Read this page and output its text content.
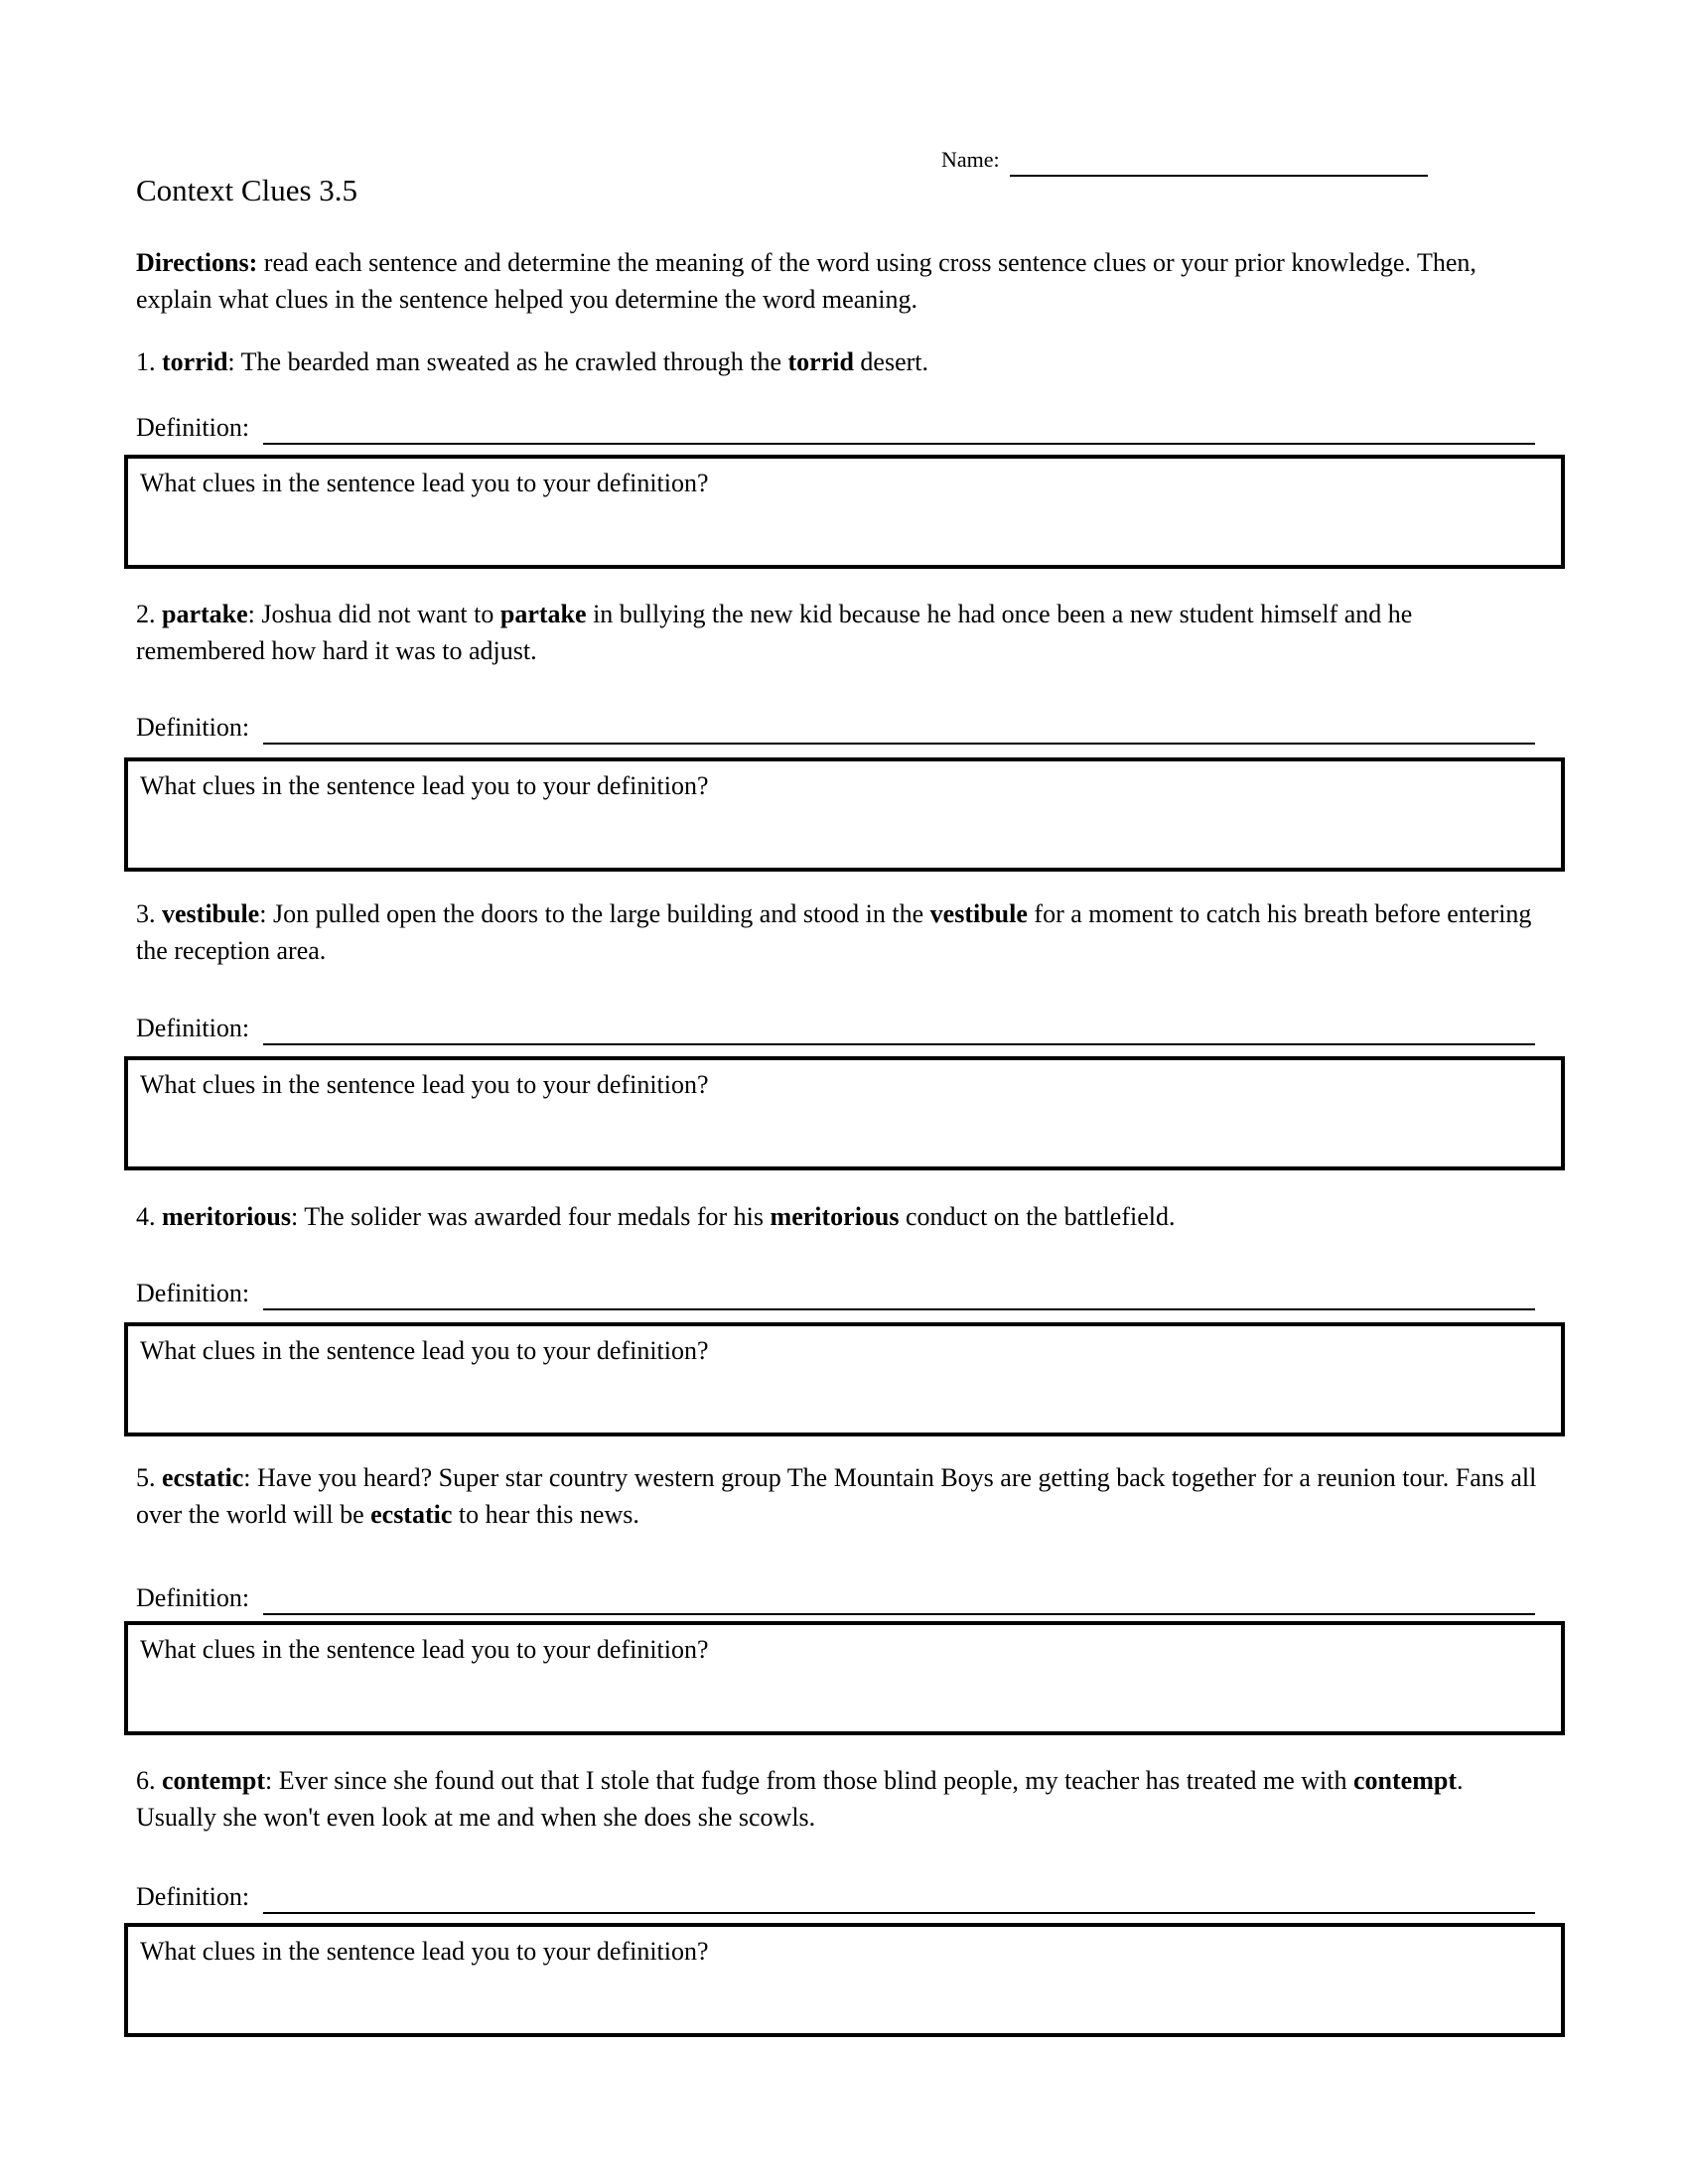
Name:
Context Clues 3.5

Directions: read each sentence and determine the meaning of the word using cross sentence clues or your prior knowledge. Then, explain what clues in the sentence helped you determine the word meaning.

1. torrid: The bearded man sweated as he crawled through the torrid desert.

Definition:
What clues in the sentence lead you to your definition?

2. partake: Joshua did not want to partake in bullying the new kid because he had once been a new student himself and he remembered how hard it was to adjust.

Definition:
What clues in the sentence lead you to your definition?

3. vestibule: Jon pulled open the doors to the large building and stood in the vestibule for a moment to catch his breath before entering the reception area.

Definition:
What clues in the sentence lead you to your definition?

4. meritorious: The solider was awarded four medals for his meritorious conduct on the battlefield.

Definition:
What clues in the sentence lead you to your definition?

5. ecstatic: Have you heard? Super star country western group The Mountain Boys are getting back together for a reunion tour. Fans all over the world will be ecstatic to hear this news.

Definition:
What clues in the sentence lead you to your definition?

6. contempt: Ever since she found out that I stole that fudge from those blind people, my teacher has treated me with contempt. Usually she won't even look at me and when she does she scowls.

Definition:
What clues in the sentence lead you to your definition?
